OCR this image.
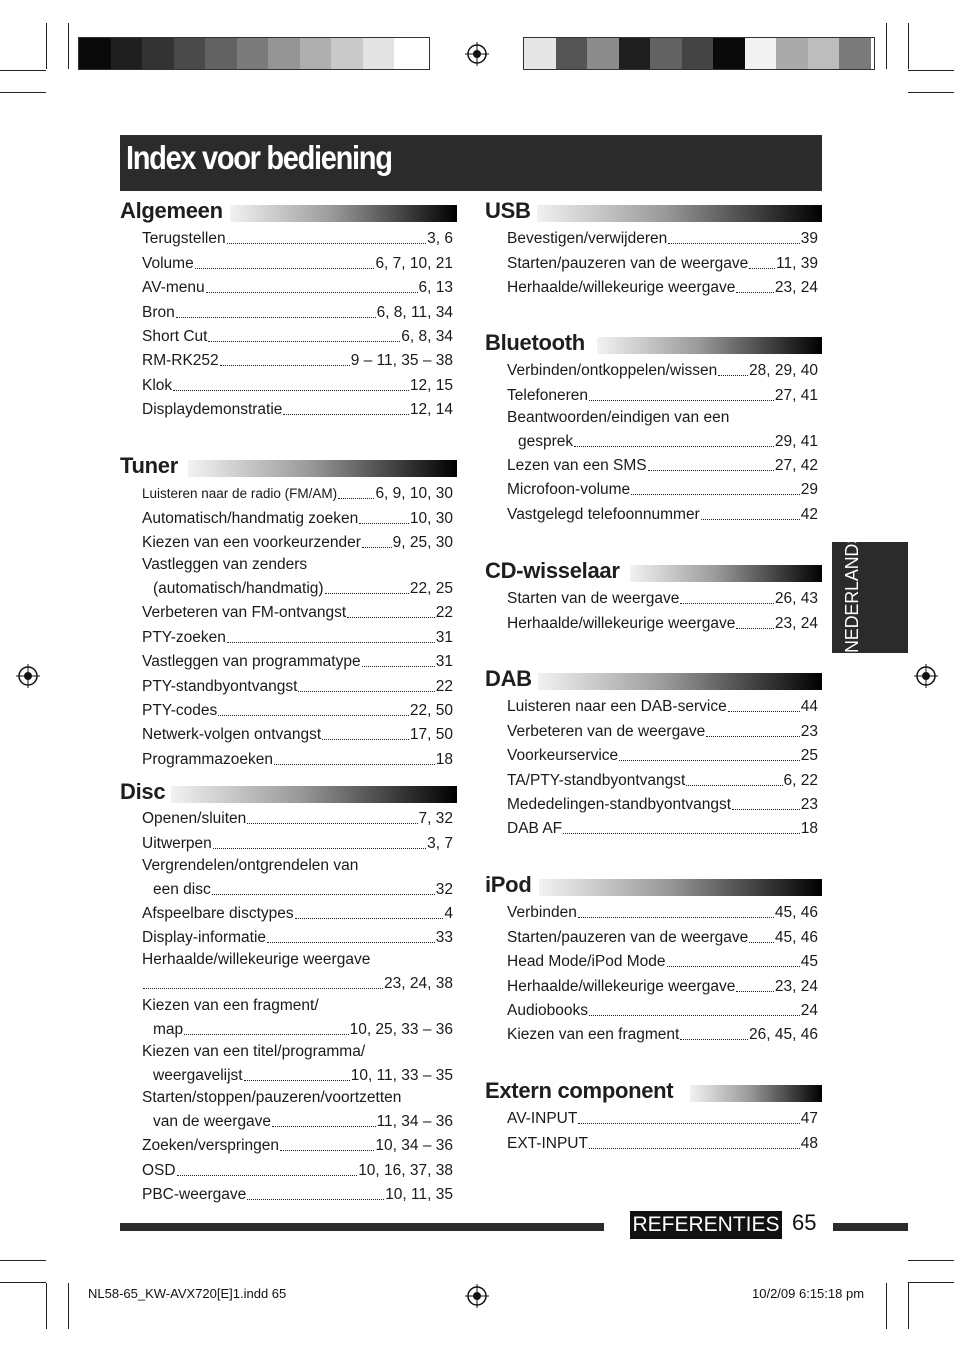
Index voor bediening
Algemeen
Terugstellen	3, 6
Volume	6, 7, 10, 21
AV-menu	6, 13
Bron	6, 8, 11, 34
Short Cut	6, 8, 34
RM-RK252	9 – 11, 35 – 38
Klok	12, 15
Displaydemonstratie	12, 14
Tuner
Luisteren naar de radio (FM/AM) 6, 9, 10, 30
Automatisch/handmatig zoeken	10, 30
Kiezen van een voorkeurzender 9, 25, 30
Vastleggen van zenders
(automatisch/handmatig)	22, 25
Verbeteren van FM-ontvangst	22
PTY-zoeken	31
Vastleggen van programmatype	31
PTY-standbyontvangst	22
PTY-codes	22, 50
Netwerk-volgen ontvangst	17, 50
Programmazoeken	18
Disc
Openen/sluiten	7, 32
Uitwerpen	3, 7
Vergrendelen/ontgrendelen van
een disc	32
Afspeelbare disctypes	4
Display-informatie	33
Herhaalde/willekeurige weergave
23, 24, 38
Kiezen van een fragment/
map	10, 25, 33 – 36
Kiezen van een titel/programma/
weergavelijst	10, 11, 33 – 35
Starten/stoppen/pauzeren/voortzetten
van de weergave	11, 34 – 36
Zoeken/verspringen	10, 34 – 36
OSD	10, 16, 37, 38
PBC-weergave	10, 11, 35
USB
Bevestigen/verwijderen	39
Starten/pauzeren van de weergave 11, 39
Herhaalde/willekeurige weergave	23, 24
Bluetooth
Verbinden/ontkoppelen/wissen 28, 29, 40
Telefoneren	27, 41
Beantwoorden/eindigen van een
gesprek	29, 41
Lezen van een SMS	27, 42
Microfoon-volume	29
Vastgelegd telefoonnummer	42
CD-wisselaar
Starten van de weergave	26, 43
Herhaalde/willekeurige weergave	23, 24
DAB
Luisteren naar een DAB-service	44
Verbeteren van de weergave	23
Voorkeurservice	25
TA/PTY-standbyontvangst	6, 22
Mededelingen-standbyontvangst	23
DAB AF	18
iPod
Verbinden	45, 46
Starten/pauzeren van de weergave 45, 46
Head Mode/iPod Mode	45
Herhaalde/willekeurige weergave	23, 24
Audiobooks	24
Kiezen van een fragment	26, 45, 46
Extern component
AV-INPUT	47
EXT-INPUT	48
NEDERLANDS
REFERENTIES 65
NL58-65_KW-AVX720[E]1.indd 65	10/2/09 6:15:18 pm
